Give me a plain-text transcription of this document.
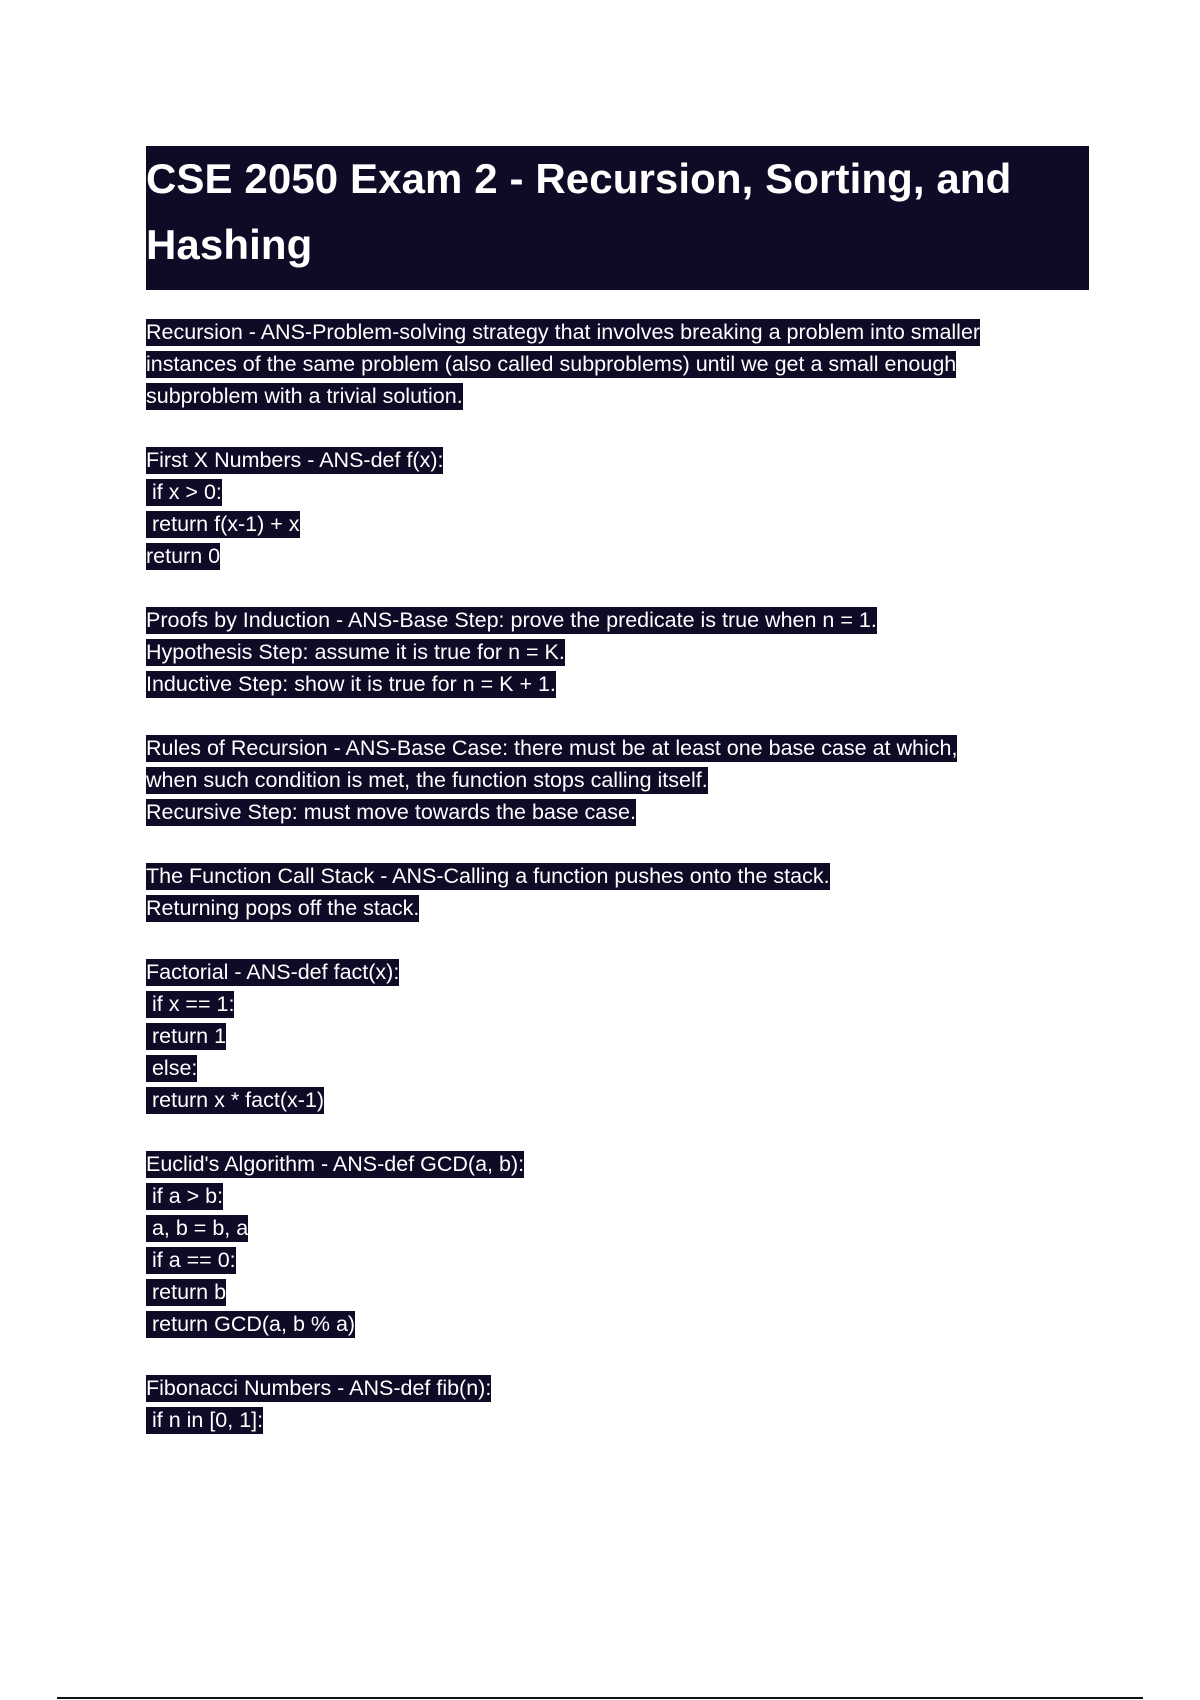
CSE 2050 Exam 2 - Recursion, Sorting, and Hashing
Recursion - ANS-Problem-solving strategy that involves breaking a problem into smaller
instances of the same problem (also called subproblems) until we get a small enough
subproblem with a trivial solution.
First X Numbers - ANS-def f(x):
if x > 0:
return f(x-1) + x
return 0
Proofs by Induction - ANS-Base Step: prove the predicate is true when n = 1.
Hypothesis Step: assume it is true for n = K.
Inductive Step: show it is true for n = K + 1.
Rules of Recursion - ANS-Base Case: there must be at least one base case at which,
when such condition is met, the function stops calling itself.
Recursive Step: must move towards the base case.
The Function Call Stack - ANS-Calling a function pushes onto the stack.
Returning pops off the stack.
Factorial - ANS-def fact(x):
if x == 1:
return 1
else:
return x * fact(x-1)
Euclid's Algorithm - ANS-def GCD(a, b):
if a > b:
a, b = b, a
if a == 0:
return b
return GCD(a, b % a)
Fibonacci Numbers - ANS-def fib(n):
if n in [0, 1]:
